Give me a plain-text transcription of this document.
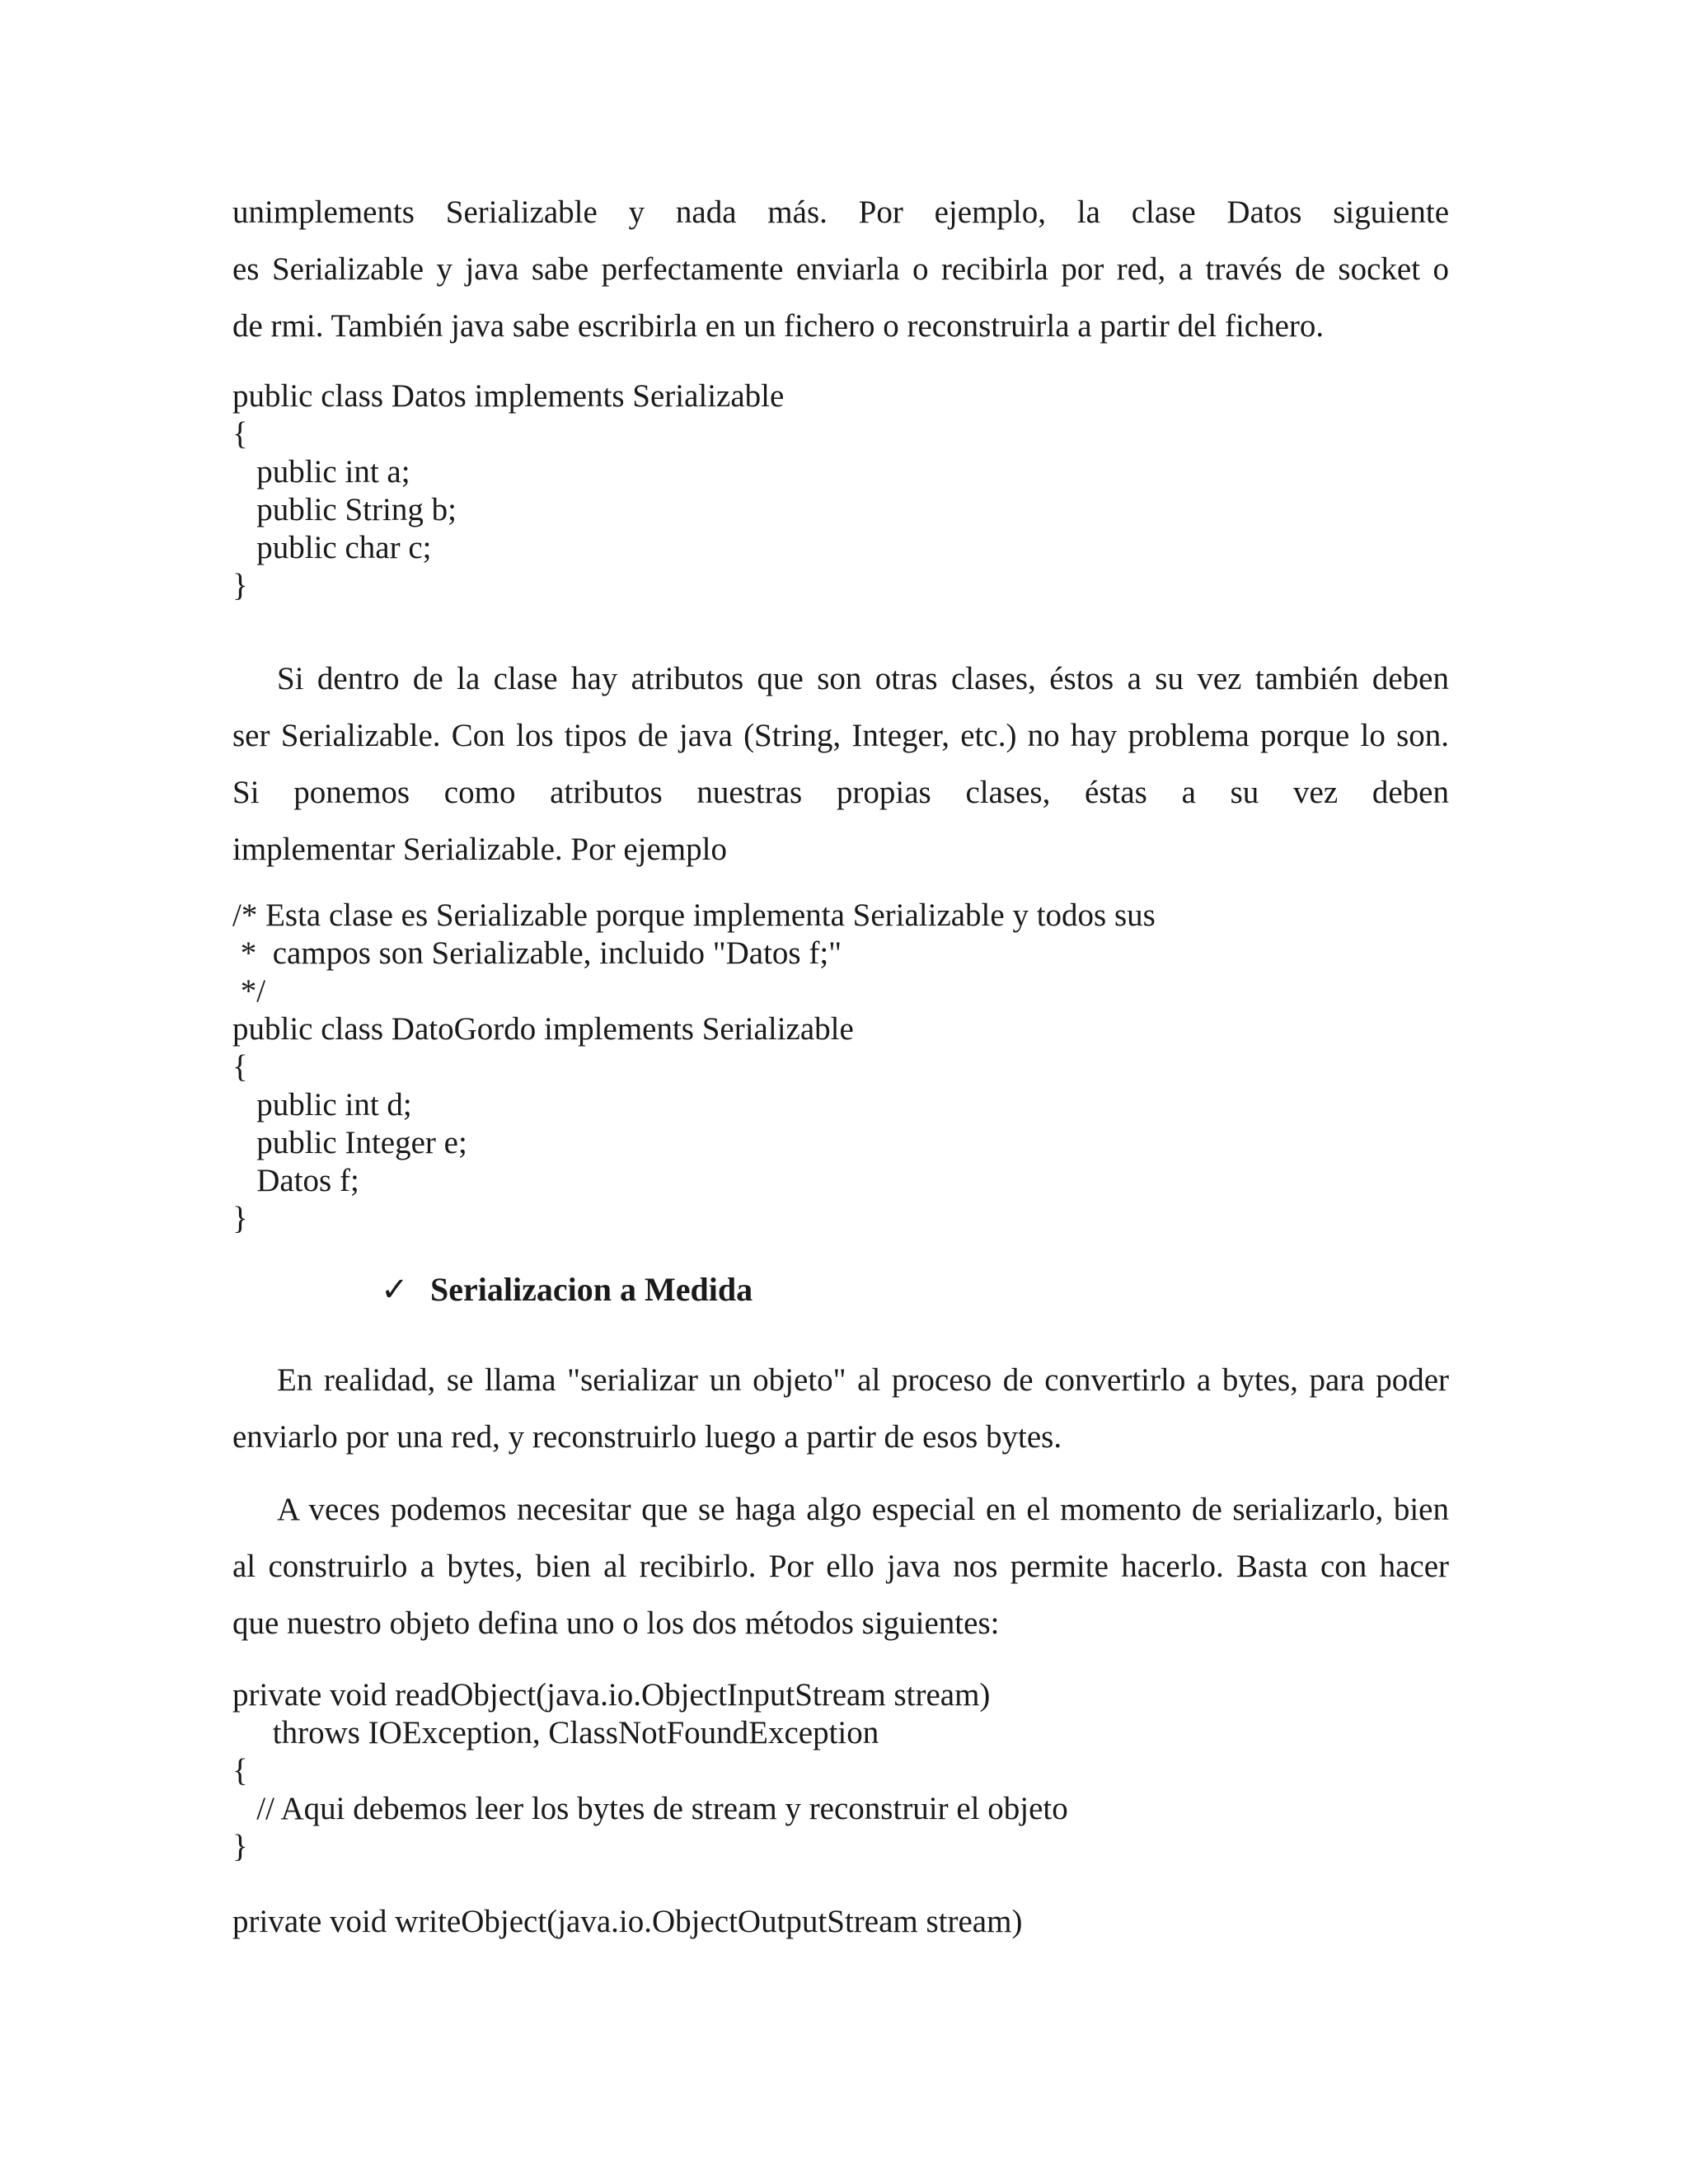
unimplements Serializable y nada más. Por ejemplo, la clase Datos siguiente
es Serializable y java sabe perfectamente enviarla o recibirla por red, a través de socket o
de rmi. También java sabe escribirla en un fichero o reconstruirla a partir del fichero.
public class Datos implements Serializable
{
public int a;
public String b;
public char c;
}
Si dentro de la clase hay atributos que son otras clases, éstos a su vez también deben
ser Serializable. Con los tipos de java (String, Integer, etc.) no hay problema porque lo son.
Si ponemos como atributos nuestras propias clases, éstas a su vez deben
implementar Serializable. Por ejemplo
/* Esta clase es Serializable porque implementa Serializable y todos sus
*  campos son Serializable, incluido "Datos f;"
*/
public class DatoGordo implements Serializable
{
public int d;
public Integer e;
Datos f;
}
✓ Serializacion a Medida
En realidad, se llama "serializar un objeto" al proceso de convertirlo a bytes, para poder
enviarlo por una red, y reconstruirlo luego a partir de esos bytes.
A veces podemos necesitar que se haga algo especial en el momento de serializarlo, bien
al construirlo a bytes, bien al recibirlo. Por ello java nos permite hacerlo. Basta con hacer
que nuestro objeto defina uno o los dos métodos siguientes:
private void readObject(java.io.ObjectInputStream stream)
throws IOException, ClassNotFoundException
{
// Aqui debemos leer los bytes de stream y reconstruir el objeto
}
private void writeObject(java.io.ObjectOutputStream stream)
